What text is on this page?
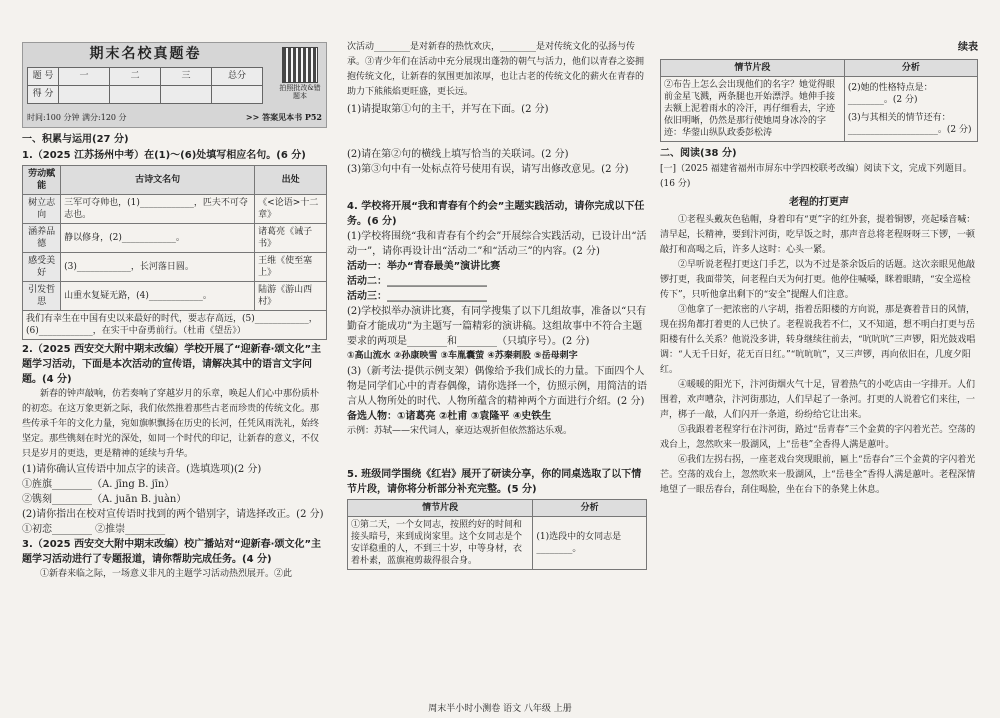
期末名校真题卷
题 号	一	二	三	总分
得 分				
拍照批改&错题本
时间:100 分钟 满分:120 分	>> 答案见本书 P52
一、积累与运用(27 分)

1.（2025 江苏扬州中考）在(1)～(6)处填写相应名句。(6 分)

劳动赋能	古诗文名句	出处
树立志向	三军可夺帅也，(1)____________，匹夫不可夺志也。	《<论语>十二章》
涵养品德	静以修身，(2)____________。	诸葛亮《诫子书》
感受美好	(3)____________，长河落日圆。	王维《使至塞上》
引发哲思	山重水复疑无路，(4)____________。	陆游《游山西村》
我们有幸生在中国有史以来最好的时代，要志存高远，(5)____________，(6)____________，在实干中奋勇前行。（杜甫《望岳》）		

2.（2025 西安交大附中期末改编）学校开展了“迎新春·颂文化”主题学习活动，下面是本次活动的宣传语，请解决其中的语言文字问题。(4 分)

新春的钟声敲响，仿若奏响了穿越岁月的乐章，唤起人们心中那份质朴的初恋。在这万象更新之际，我们依然推着那些古老而珍贵的传统文化。那些传承千年的文化力量，宛如旗帜飘扬在历史的长河，任凭风雨洗礼，始终坚定。那些镌刻在时光的深处，如同一个时代的印记，让新春的意义，不仅只是岁月的更迭，更是精神的延续与升华。

(1)请你确认宣传语中加点字的读音。(选填选项)(2 分)

①旌旗________（A. jīng B. jīn）

②镌刻________（A. juān B. juàn）

(2)请你指出在校对宣传语时找到的两个错别字，请选择改正。(2 分)

①初恋________ ②推崇________

3.（2025 西安交大附中期末改编）校广播站对“迎新春·颂文化”主题学习活动进行了专题报道，请你帮助完成任务。(4 分)

①新春来临之际，一场意义非凡的主题学习活动热烈展开。②此

次活动________是对新春的热忱欢庆，________是对传统文化的弘扬与传承。③青少年们在活动中充分展现出蓬勃的朝气与活力，他们以青春之姿拥抱传统文化，让新春的氛围更加浓厚，也让古老的传统文化的薪火在青春的助力下熊熊焰更旺盛，更长远。

(1)请提取第①句的主干，并写在下面。(2 分)

(2)请在第②句的横线上填写恰当的关联词。(2 分)

(3)第③句中有一处标点符号使用有误，请写出修改意见。(2 分)

4. 学校将开展“我和青春有个约会”主题实践活动，请你完成以下任务。(6 分)

(1)学校将围绕“我和青春有个约会”开展综合实践活动，已设计出“活动一”，请你再设计出“活动二”和“活动三”的内容。(2 分)

活动一：举办“青春最美”演讲比赛

活动二：____________________

活动三：____________________

(2)学校拟举办演讲比赛，有同学搜集了以下几组故事，准备以“只有勤奋才能成功”为主题写一篇精彩的演讲稿。这组故事中不符合主题要求的两项是________和________（只填序号）。(2 分)

①高山流水 ②孙康映雪 ③车胤囊萤 ④苏秦刺股 ⑤岳母刺字

(3)（新考法·提供示例支架）偶像给予我们成长的力量。下面四个人物是同学们心中的青春偶像，请你选择一个，仿照示例，用简洁的语言从人物所处的时代、人物所蕴含的精神两个方面进行介绍。(2 分)

备选人物：①诸葛亮 ②杜甫 ③袁隆平 ④史铁生

示例：苏轼——宋代词人，豪迈达观折但依然豁达乐观。

5. 班级同学围绕《红岩》展开了研读分享，你的同桌选取了以下情节片段，请你将分析部分补充完整。(5 分)

情节片段	分析
①第二天，一个女同志，按照约好的时间和接头暗号，来到成岗家里。这个女同志是个安详稳重的人，不到三十岁，中等身材，衣着朴素，蓝旗袍剪裁得很合身。	(1)选段中的女同志是________。
续表
情节片段	分析
②布告上怎么会出现他们的名字？她觉得眼前金星飞溅，两条腿也开始漂浮。她伸手接去额上泥着雨水的冷汗，再仔细看去，字迹依旧明晰，仍然是那行使她周身冰冷的字迹：华蓥山纵队政委彭松涛	(2)她的性格特点是：________。(2 分)

(3)与其相关的情节还有：____________________。(2 分)

二、阅读(38 分)

[一]（2025 福建省福州市屏东中学四校联考改编）阅读下文，完成下列题目。(16 分)

老程的打更声

①老程头戴灰色毡帽，身着印有“更”字的红外套，提着铜锣，亮起嗓音喊：清早起，长精神，要到汴河街，吃早饭之时，那声音总将老程呀呀三下锣，一顿敲打和高喝之后，许多人这时：心头一紧。

②早听说老程打更这门手艺，以为不过是茶余饭后的话题。这次亲眼见他敲锣打更，我面带笑，问老程白天为何打更。他停住喊嗓，眯着眼睛，“安全巡检传下”，只听他拿出剩下的“安全”提醒人们注意。

③他拿了一把浓密的八字胡，指着岳阳楼的方向说，那是赛着昔日的风情，现在拐角都打着更的人已快了。老程说我若不仁，又不知道，想不明白打更与岳阳楼有什么关系？他说没多讲，转身继续往前去，“吭吭吭”三声锣，阳光鼓戏唱调：“人无千日好，花无百日红。”“吭吭吭”，又三声锣，再向依旧在，几度夕阳红。

④暖暖的阳光下，汴河街烟火气十足，冒着热气的小吃店由一字排开。人们围着，欢声嘈杂，汴河街那边，人们早起了一条河。打更的人说着它们来往，一声，梆子一敲，人们闪开一条道，纷纷给它让出来。

⑤我跟着老程穿行在汴河街，路过“岳青春”三个金黄的字闪着光芒。空荡的戏台上，忽然吹来一股湖风，上“岳巷”全香得人满是蕙叶。

⑥我们左拐右拐，一座老戏台突现眼前，匾上“岳春台”三个金黄的字闪着光芒。空荡的戏台上，忽然吹来一股湖风，上“岳巷全”香得人满是蕙叶。老程深情地望了一眼岳春台，刮住喝脸，坐在台下的条凳上休息。

周末半小时小测卷 语文 八年级 上册
